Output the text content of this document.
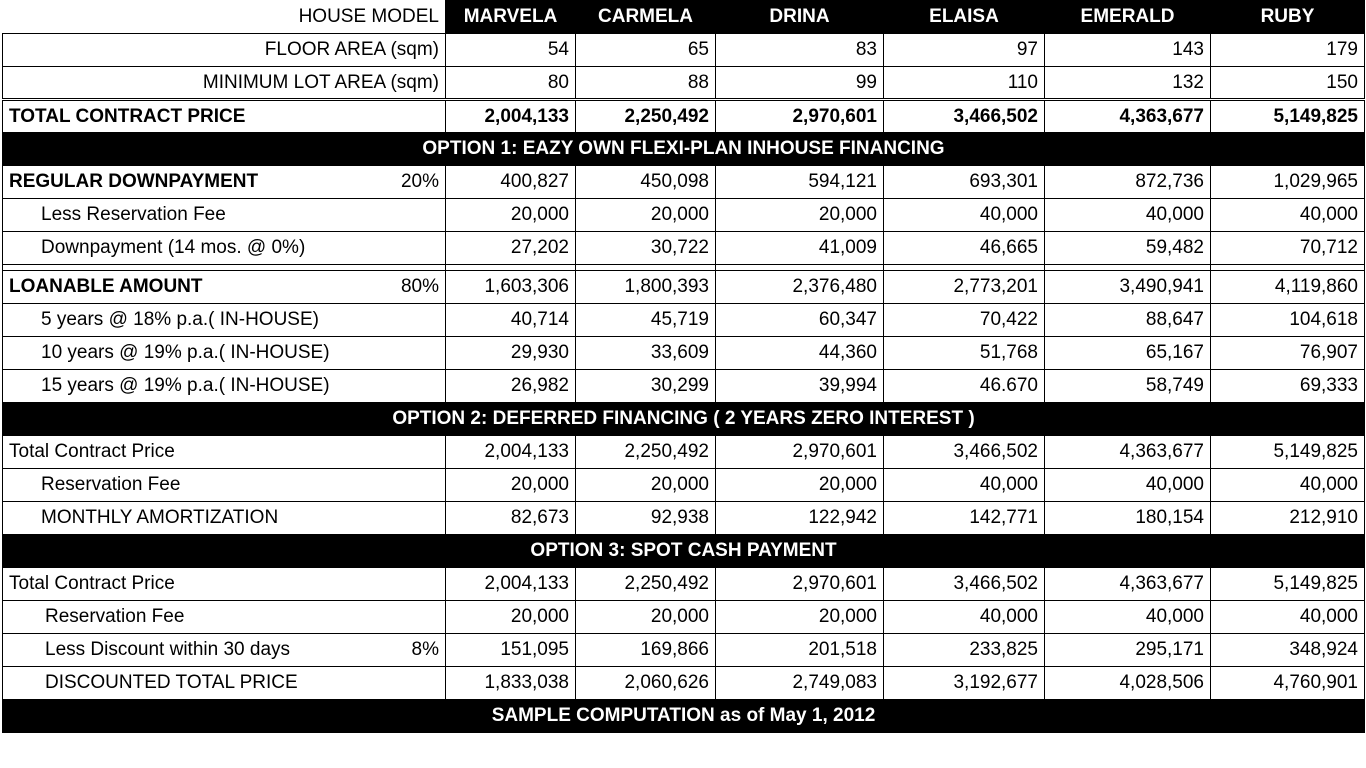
HOUSE MODEL	MARVELA	CARMELA	DRINA	ELAISA	EMERALD	RUBY
FLOOR AREA (sqm)	54	65	83	97	143	179
MINIMUM LOT AREA (sqm)	80	88	99	110	132	150
TOTAL CONTRACT PRICE	2,004,133	2,250,492	2,970,601	3,466,502	4,363,677	5,149,825
OPTION 1: EAZY OWN FLEXI-PLAN INHOUSE FINANCING						
REGULAR DOWNPAYMENT 20%	400,827	450,098	594,121	693,301	872,736	1,029,965
Less Reservation Fee	20,000	20,000	20,000	40,000	40,000	40,000
Downpayment (14 mos. @ 0%)	27,202	30,722	41,009	46,665	59,482	70,712

LOANABLE AMOUNT 80%	1,603,306	1,800,393	2,376,480	2,773,201	3,490,941	4,119,860
5 years @ 18% p.a.( IN-HOUSE)	40,714	45,719	60,347	70,422	88,647	104,618
10 years @ 19% p.a.( IN-HOUSE)	29,930	33,609	44,360	51,768	65,167	76,907
15 years @ 19% p.a.( IN-HOUSE)	26,982	30,299	39,994	46.670	58,749	69,333
OPTION 2: DEFERRED FINANCING ( 2 YEARS ZERO INTEREST )						
Total Contract Price	2,004,133	2,250,492	2,970,601	3,466,502	4,363,677	5,149,825
Reservation Fee	20,000	20,000	20,000	40,000	40,000	40,000
MONTHLY AMORTIZATION	82,673	92,938	122,942	142,771	180,154	212,910
OPTION 3: SPOT CASH PAYMENT						
Total Contract Price	2,004,133	2,250,492	2,970,601	3,466,502	4,363,677	5,149,825
Reservation Fee	20,000	20,000	20,000	40,000	40,000	40,000
Less Discount within 30 days 8%	151,095	169,866	201,518	233,825	295,171	348,924
DISCOUNTED TOTAL PRICE	1,833,038	2,060,626	2,749,083	3,192,677	4,028,506	4,760,901
SAMPLE COMPUTATION as of May 1, 2012						
